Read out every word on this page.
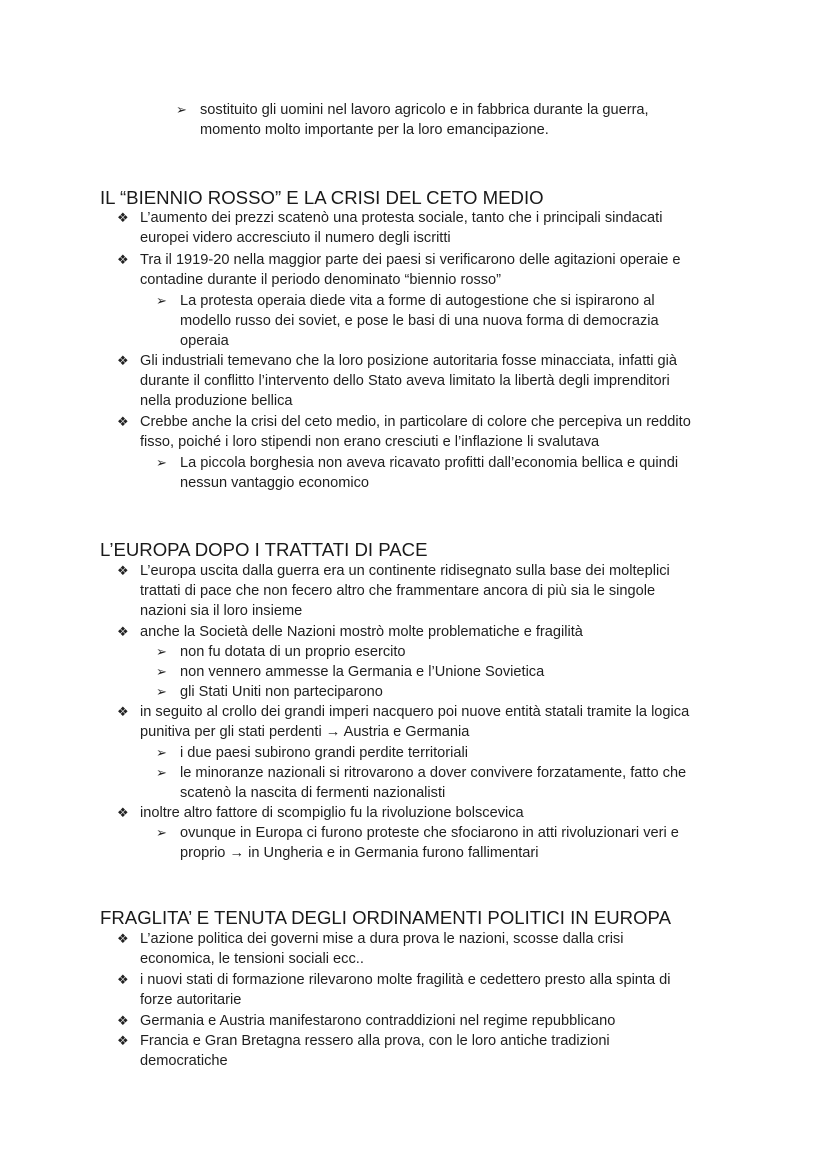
➢ sostituito gli uomini nel lavoro agricolo e in fabbrica durante la guerra,
momento molto importante per la loro emancipazione.
IL “BIENNIO ROSSO” E LA CRISI DEL CETO MEDIO
❖ L’aumento dei prezzi scatenò una protesta sociale, tanto che i principali sindacati
europei videro accresciuto il numero degli iscritti
❖ Tra il 1919-20 nella maggior parte dei paesi si verificarono delle agitazioni operaie e
contadine durante il periodo denominato “biennio rosso”
➢ La protesta operaia diede vita a forme di autogestione che si ispirarono al
modello russo dei soviet, e pose le basi di una nuova forma di democrazia
operaia
❖ Gli industriali temevano che la loro posizione autoritaria fosse minacciata, infatti già
durante il conflitto l’intervento dello Stato aveva limitato la libertà degli imprenditori
nella produzione bellica
❖ Crebbe anche la crisi del ceto medio, in particolare di colore che percepiva un reddito
fisso, poiché i loro stipendi non erano cresciuti e l’inflazione li svalutava
➢ La piccola borghesia non aveva ricavato profitti dall’economia bellica e quindi
nessun vantaggio economico
L’EUROPA DOPO I TRATTATI DI PACE
❖ L’europa uscita dalla guerra era un continente ridisegnato sulla base dei molteplici
trattati di pace che non fecero altro che frammentare ancora di più sia le singole
nazioni sia il loro insieme
❖ anche la Società delle Nazioni mostrò molte problematiche e fragilità
➢ non fu dotata di un proprio esercito
➢ non vennero ammesse la Germania e l’Unione Sovietica
➢ gli Stati Uniti non parteciparono
❖ in seguito al crollo dei grandi imperi nacquero poi nuove entità statali tramite la logica
punitiva per gli stati perdenti → Austria e Germania
➢ i due paesi subirono grandi perdite territoriali
➢ le minoranze nazionali si ritrovarono a dover convivere forzatamente, fatto che
scatenò la nascita di fermenti nazionalisti
❖ inoltre altro fattore di scompiglio fu la rivoluzione bolscevica
➢ ovunque in Europa ci furono proteste che sfociarono in atti rivoluzionari veri e
proprio → in Ungheria e in Germania furono fallimentari
FRAGLITA’ E TENUTA DEGLI ORDINAMENTI POLITICI IN EUROPA
❖ L’azione politica dei governi mise a dura prova le nazioni, scosse dalla crisi
economica, le tensioni sociali ecc..
❖ i nuovi stati di formazione rilevarono molte fragilità e cedettero presto alla spinta di
forze autoritarie
❖ Germania e Austria manifestarono contraddizioni nel regime repubblicano
❖ Francia e Gran Bretagna ressero alla prova, con le loro antiche tradizioni
democratiche
